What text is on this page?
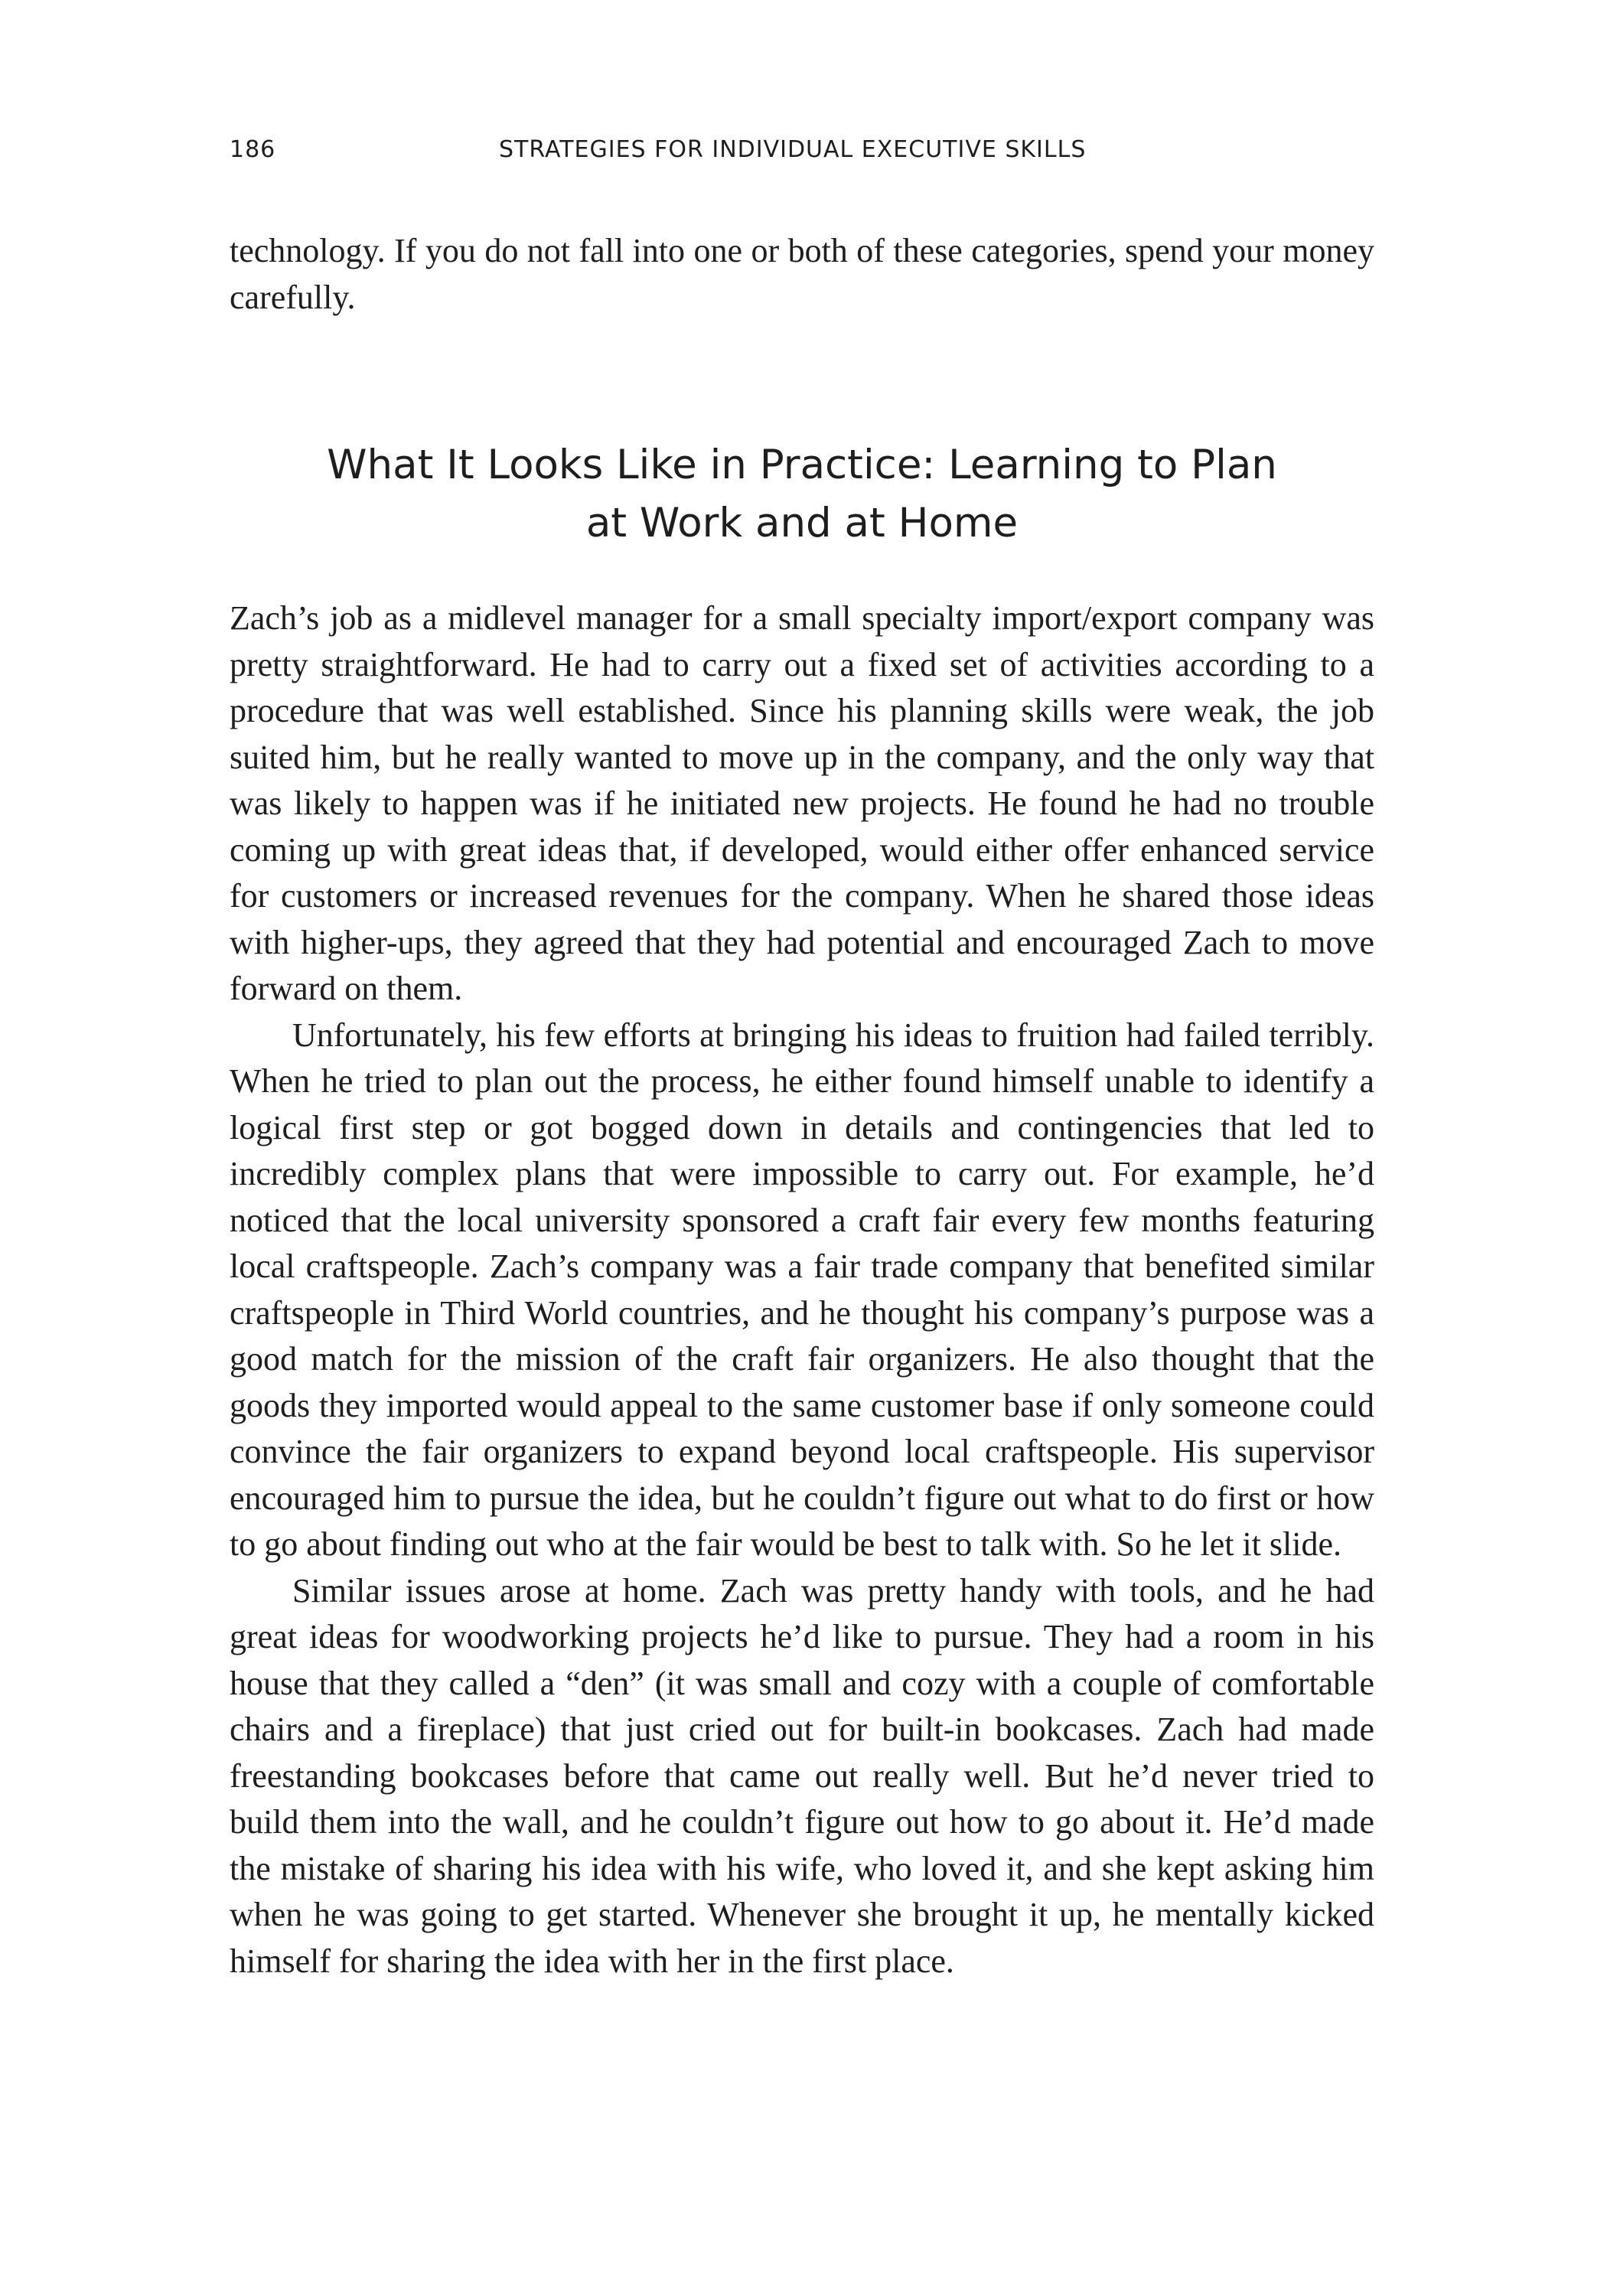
186	STRATEGIES FOR INDIVIDUAL EXECUTIVE SKILLS

technology. If you do not fall into one or both of these categories, spend your money carefully.

What It Looks Like in Practice: Learning to Plan
at Work and at Home

Zach’s job as a midlevel manager for a small specialty import/export company was pretty straightforward. He had to carry out a fixed set of activities according to a procedure that was well established. Since his planning skills were weak, the job suited him, but he really wanted to move up in the company, and the only way that was likely to happen was if he initiated new projects. He found he had no trouble coming up with great ideas that, if developed, would either offer enhanced service for customers or increased revenues for the company. When he shared those ideas with higher-ups, they agreed that they had potential and encouraged Zach to move forward on them.

Unfortunately, his few efforts at bringing his ideas to fruition had failed terribly. When he tried to plan out the process, he either found himself unable to identify a logical first step or got bogged down in details and contingencies that led to incredibly complex plans that were impossible to carry out. For example, he’d noticed that the local university sponsored a craft fair every few months featuring local craftspeople. Zach’s company was a fair trade company that benefited similar craftspeople in Third World countries, and he thought his company’s purpose was a good match for the mission of the craft fair organizers. He also thought that the goods they imported would appeal to the same customer base if only someone could convince the fair organizers to expand beyond local craftspeople. His supervisor encouraged him to pursue the idea, but he couldn’t figure out what to do first or how to go about finding out who at the fair would be best to talk with. So he let it slide.

Similar issues arose at home. Zach was pretty handy with tools, and he had great ideas for woodworking projects he’d like to pursue. They had a room in his house that they called a “den” (it was small and cozy with a couple of comfortable chairs and a fireplace) that just cried out for built-in bookcases. Zach had made freestanding bookcases before that came out really well. But he’d never tried to build them into the wall, and he couldn’t figure out how to go about it. He’d made the mistake of sharing his idea with his wife, who loved it, and she kept asking him when he was going to get started. Whenever she brought it up, he mentally kicked himself for sharing the idea with her in the first place.
